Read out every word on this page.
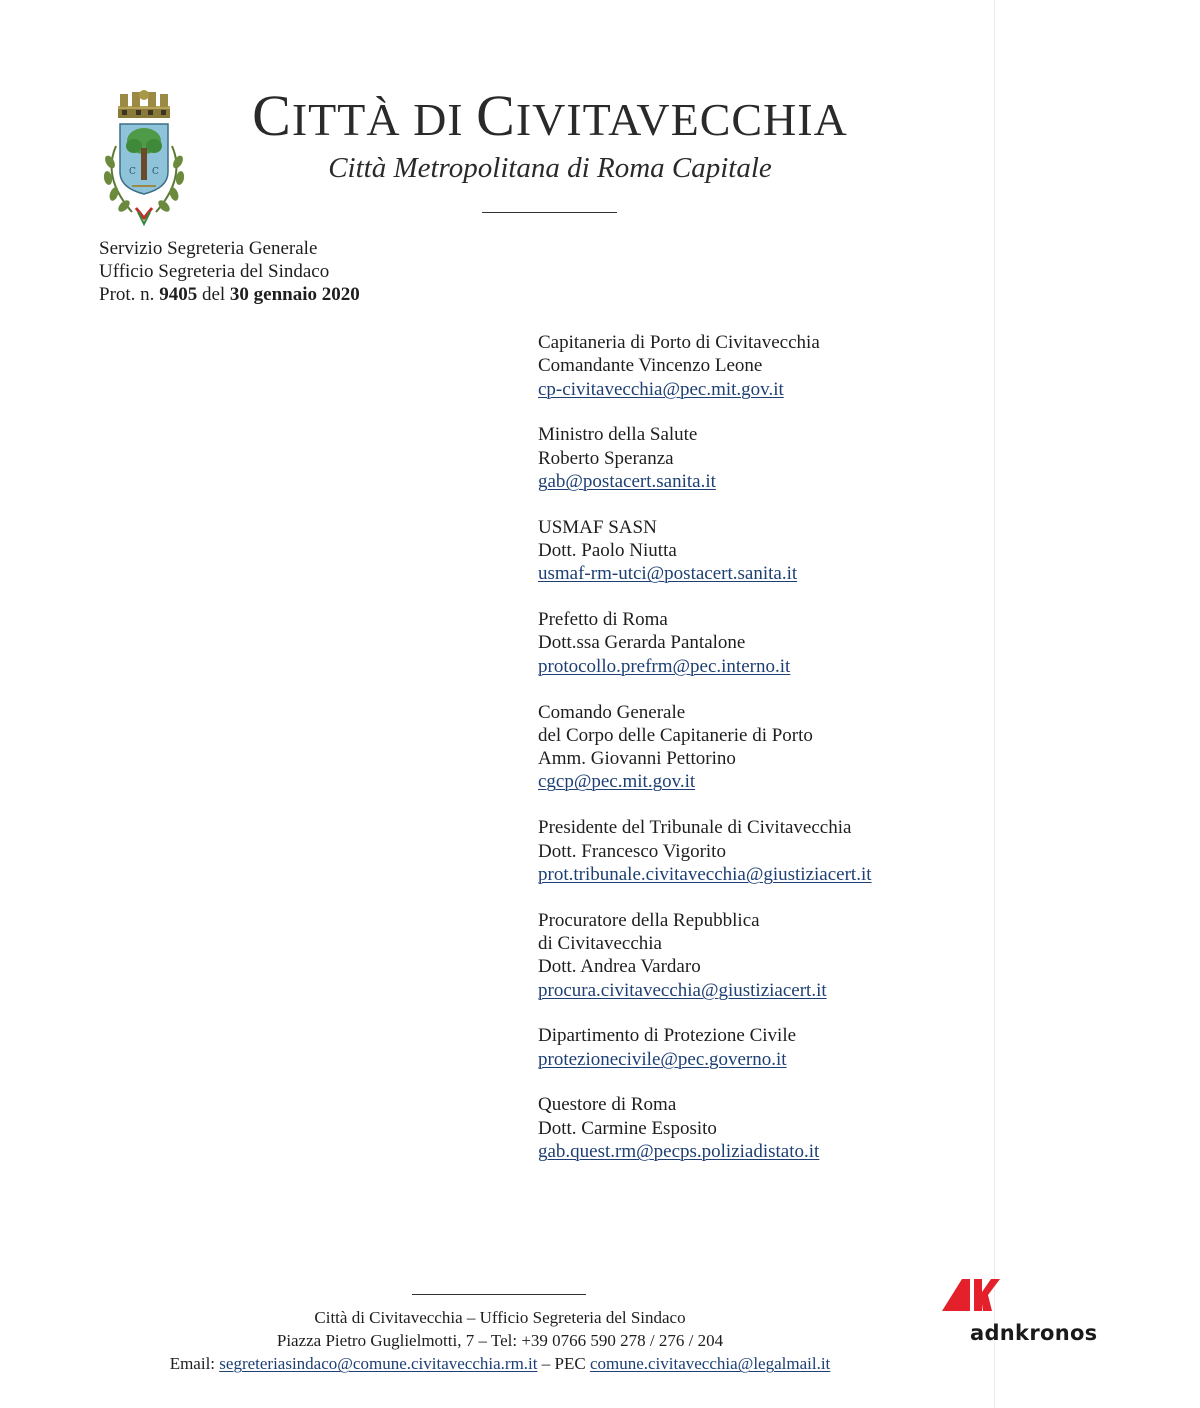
C C
CITTÀ DI CIVITAVECCHIA
Città Metropolitana di Roma Capitale
Servizio Segreteria Generale
Ufficio Segreteria del Sindaco
Prot. n. 9405 del 30 gennaio 2020
Capitaneria di Porto di Civitavecchia
Comandante Vincenzo Leone
cp-civitavecchia@pec.mit.gov.it
Ministro della Salute
Roberto Speranza
gab@postacert.sanita.it
USMAF SASN
Dott. Paolo Niutta
usmaf-rm-utci@postacert.sanita.it
Prefetto di Roma
Dott.ssa Gerarda Pantalone
protocollo.prefrm@pec.interno.it
Comando Generale
del Corpo delle Capitanerie di Porto
Amm. Giovanni Pettorino
cgcp@pec.mit.gov.it
Presidente del Tribunale di Civitavecchia
Dott. Francesco Vigorito
prot.tribunale.civitavecchia@giustiziacert.it
Procuratore della Repubblica
di Civitavecchia
Dott. Andrea Vardaro
procura.civitavecchia@giustiziacert.it
Dipartimento di Protezione Civile
protezionecivile@pec.governo.it
Questore di Roma
Dott. Carmine Esposito
gab.quest.rm@pecps.poliziadistato.it
Città di Civitavecchia – Ufficio Segreteria del Sindaco
Piazza Pietro Guglielmotti, 7 – Tel: +39 0766 590 278 / 276 / 204
Email: segreteriasindaco@comune.civitavecchia.rm.it – PEC comune.civitavecchia@legalmail.it
adnkronos
